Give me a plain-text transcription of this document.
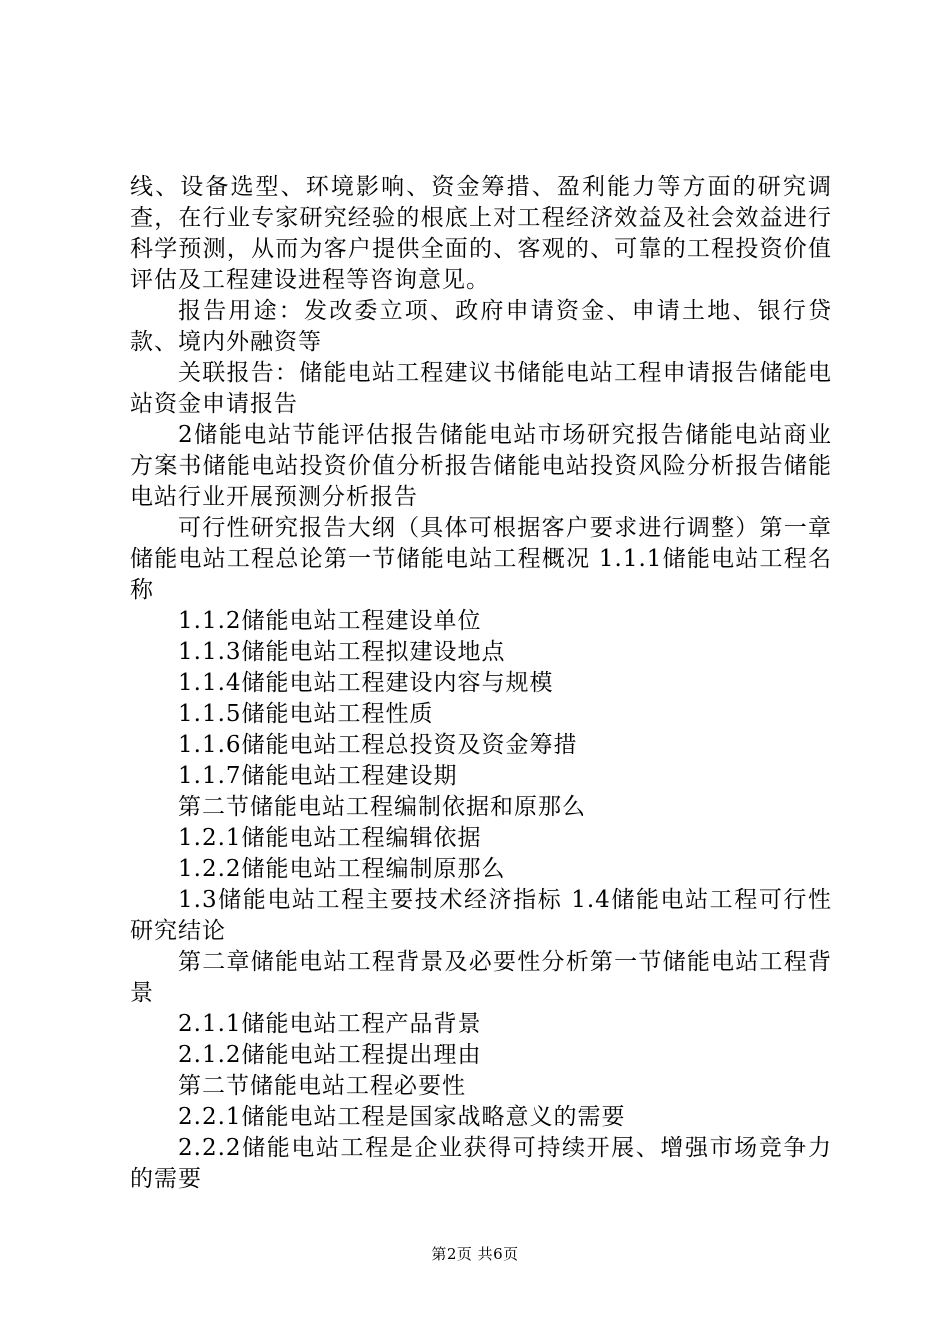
线、设备选型、环境影响、资金筹措、盈利能力等方面的研究调查，在行业专家研究经验的根底上对工程经济效益及社会效益进行科学预测，从而为客户提供全面的、客观的、可靠的工程投资价值评估及工程建设进程等咨询意见。

报告用途：发改委立项、政府申请资金、申请土地、银行贷款、境内外融资等

关联报告：储能电站工程建议书储能电站工程申请报告储能电站资金申请报告

2储能电站节能评估报告储能电站市场研究报告储能电站商业方案书储能电站投资价值分析报告储能电站投资风险分析报告储能电站行业开展预测分析报告

可行性研究报告大纲（具体可根据客户要求进行调整）第一章储能电站工程总论第一节储能电站工程概况 1.1.1储能电站工程名称

1.1.2储能电站工程建设单位

1.1.3储能电站工程拟建设地点

1.1.4储能电站工程建设内容与规模

1.1.5储能电站工程性质

1.1.6储能电站工程总投资及资金筹措

1.1.7储能电站工程建设期

第二节储能电站工程编制依据和原那么

1.2.1储能电站工程编辑依据

1.2.2储能电站工程编制原那么

1.3储能电站工程主要技术经济指标 1.4储能电站工程可行性研究结论

第二章储能电站工程背景及必要性分析第一节储能电站工程背景

2.1.1储能电站工程产品背景

2.1.2储能电站工程提出理由

第二节储能电站工程必要性

2.2.1储能电站工程是国家战略意义的需要

2.2.2储能电站工程是企业获得可持续开展、增强市场竞争力的需要

第2页 共6页
